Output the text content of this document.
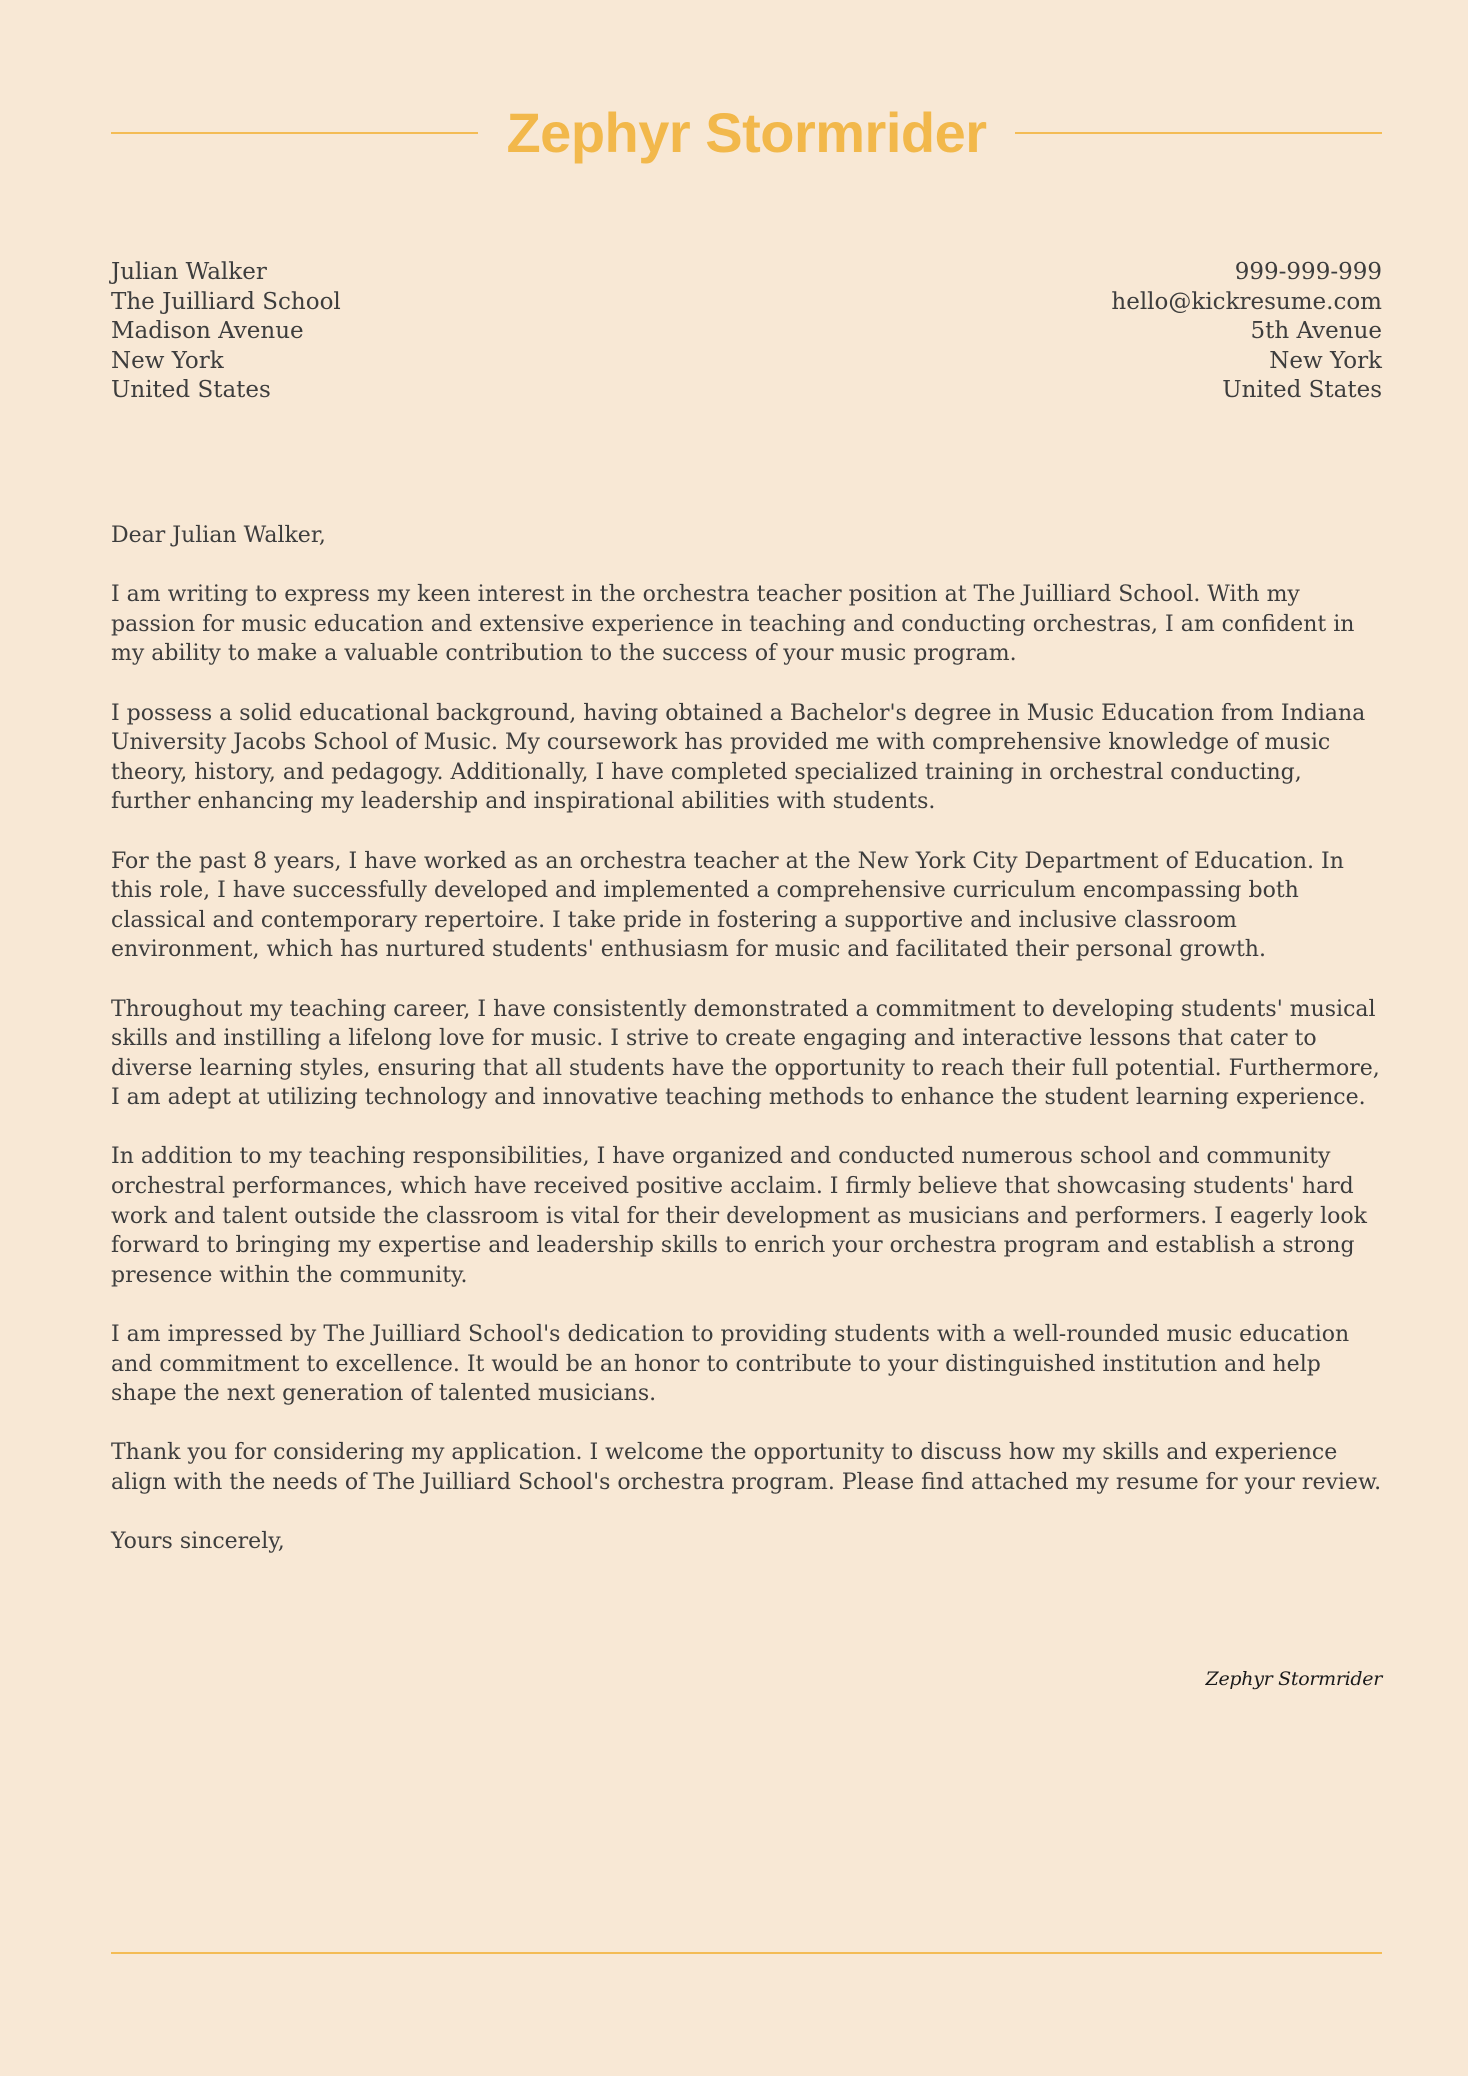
Zephyr Stormrider
Julian Walker
The Juilliard School
Madison Avenue
New York
United States
999-999-999
hello@kickresume.com
5th Avenue
New York
United States

Dear Julian Walker,

I am writing to express my keen interest in the orchestra teacher position at The Juilliard School. With my passion for music education and extensive experience in teaching and conducting orchestras, I am confident in my ability to make a valuable contribution to the success of your music program.

I possess a solid educational background, having obtained a Bachelor's degree in Music Education from Indiana University Jacobs School of Music. My coursework has provided me with comprehensive knowledge of music theory, history, and pedagogy. Additionally, I have completed specialized training in orchestral conducting, further enhancing my leadership and inspirational abilities with students.

For the past 8 years, I have worked as an orchestra teacher at the New York City Department of Education. In this role, I have successfully developed and implemented a comprehensive curriculum encompassing both classical and contemporary repertoire. I take pride in fostering a supportive and inclusive classroom environment, which has nurtured students' enthusiasm for music and facilitated their personal growth.

Throughout my teaching career, I have consistently demonstrated a commitment to developing students' musical skills and instilling a lifelong love for music. I strive to create engaging and interactive lessons that cater to diverse learning styles, ensuring that all students have the opportunity to reach their full potential. Furthermore, I am adept at utilizing technology and innovative teaching methods to enhance the student learning experience.

In addition to my teaching responsibilities, I have organized and conducted numerous school and community orchestral performances, which have received positive acclaim. I firmly believe that showcasing students' hard work and talent outside the classroom is vital for their development as musicians and performers. I eagerly look forward to bringing my expertise and leadership skills to enrich your orchestra program and establish a strong presence within the community.

I am impressed by The Juilliard School's dedication to providing students with a well-rounded music education and commitment to excellence. It would be an honor to contribute to your distinguished institution and help shape the next generation of talented musicians.

Thank you for considering my application. I welcome the opportunity to discuss how my skills and experience align with the needs of The Juilliard School's orchestra program. Please find attached my resume for your review.

Yours sincerely,

Zephyr Stormrider
